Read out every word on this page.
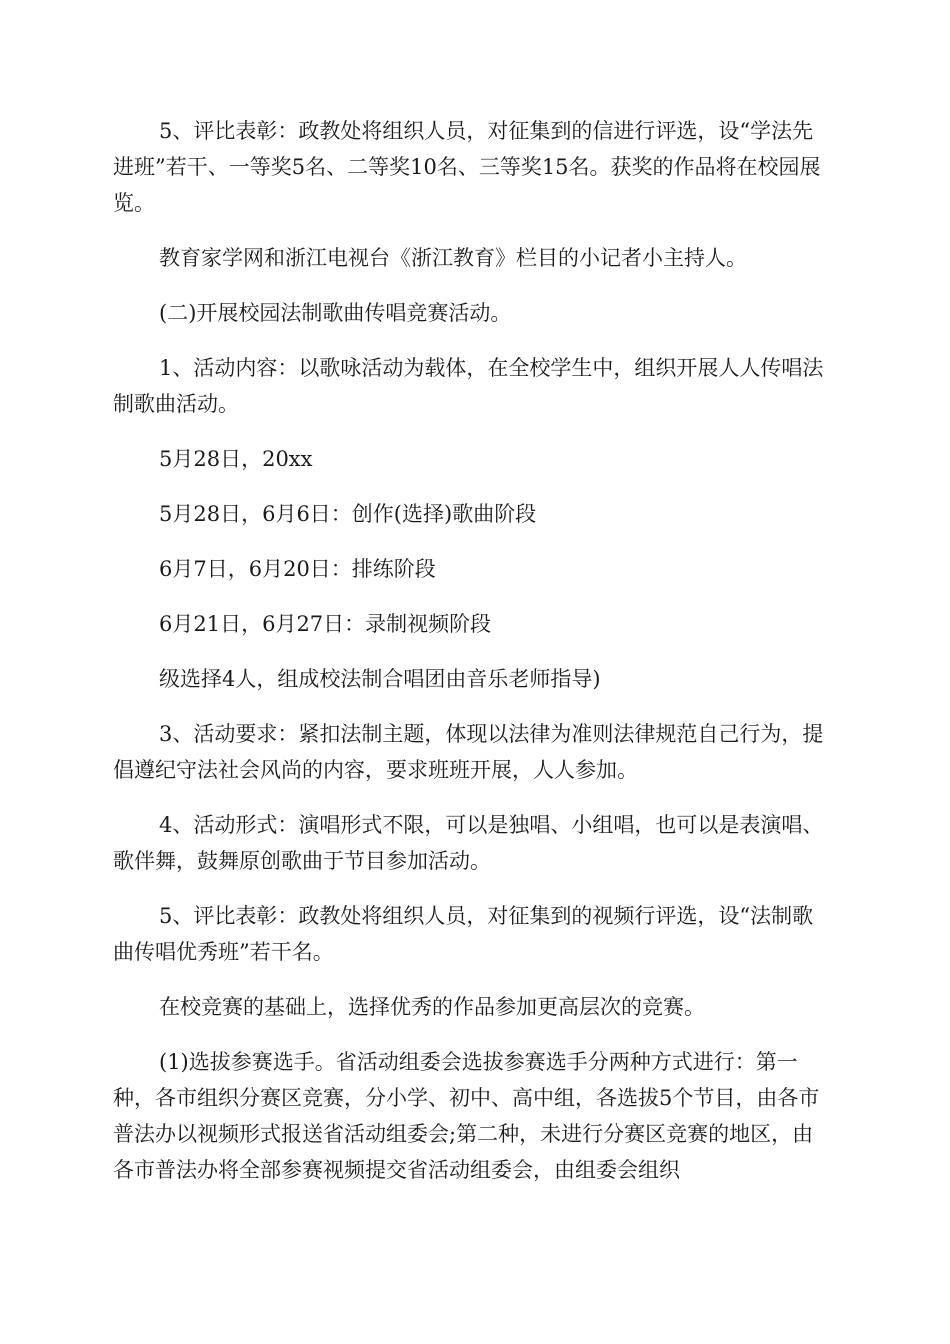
5、评比表彰：政教处将组织人员，对征集到的信进行评选，设“学法先进班”若干、一等奖5名、二等奖10名、三等奖15名。获奖的作品将在校园展览。

教育家学网和浙江电视台《浙江教育》栏目的小记者小主持人。

(二)开展校园法制歌曲传唱竞赛活动。

1、活动内容：以歌咏活动为载体，在全校学生中，组织开展人人传唱法制歌曲活动。

5月28日，20xx

5月28日，6月6日：创作(选择)歌曲阶段

6月7日，6月20日：排练阶段

6月21日，6月27日：录制视频阶段

级选择4人，组成校法制合唱团由音乐老师指导)

3、活动要求：紧扣法制主题，体现以法律为准则法律规范自己行为，提倡遵纪守法社会风尚的内容，要求班班开展，人人参加。

4、活动形式：演唱形式不限，可以是独唱、小组唱，也可以是表演唱、歌伴舞，鼓舞原创歌曲于节目参加活动。

5、评比表彰：政教处将组织人员，对征集到的视频行评选，设“法制歌曲传唱优秀班”若干名。

在校竞赛的基础上，选择优秀的作品参加更高层次的竞赛。

(1)选拔参赛选手。省活动组委会选拔参赛选手分两种方式进行：第一种，各市组织分赛区竞赛，分小学、初中、高中组，各选拔5个节目，由各市普法办以视频形式报送省活动组委会;第二种，未进行分赛区竞赛的地区，由各市普法办将全部参赛视频提交省活动组委会，由组委会组织
